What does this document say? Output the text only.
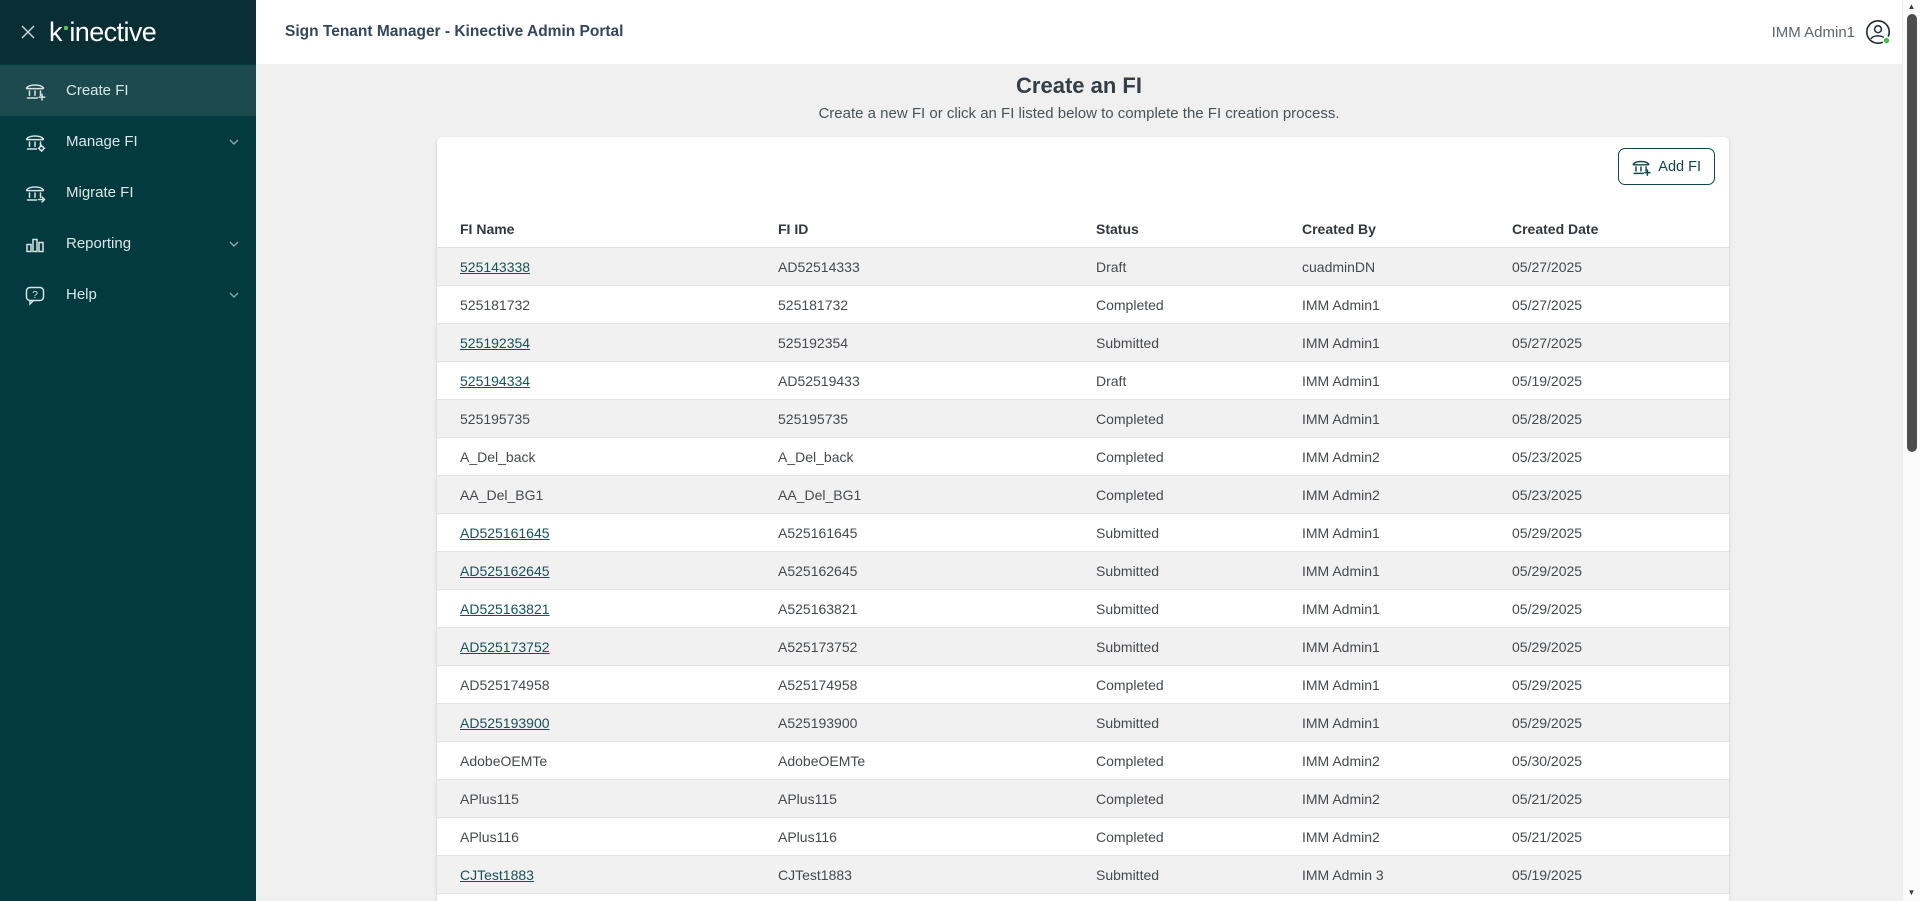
k inective
Create FI
Manage FI
Migrate FI
Reporting
? Help
Sign Tenant Manager - Kinective Admin Portal	IMM Admin1
Create an FI

Create a new FI or click an FI listed below to complete the FI creation process.

Add FI
FI Name	FI ID	Status	Created By	Created Date
525143338	AD52514333	Draft	cuadminDN	05/27/2025
525181732	525181732	Completed	IMM Admin1	05/27/2025
525192354	525192354	Submitted	IMM Admin1	05/27/2025
525194334	AD52519433	Draft	IMM Admin1	05/19/2025
525195735	525195735	Completed	IMM Admin1	05/28/2025
A_Del_back	A_Del_back	Completed	IMM Admin2	05/23/2025
AA_Del_BG1	AA_Del_BG1	Completed	IMM Admin2	05/23/2025
AD525161645	A525161645	Submitted	IMM Admin1	05/29/2025
AD525162645	A525162645	Submitted	IMM Admin1	05/29/2025
AD525163821	A525163821	Submitted	IMM Admin1	05/29/2025
AD525173752	A525173752	Submitted	IMM Admin1	05/29/2025
AD525174958	A525174958	Completed	IMM Admin1	05/29/2025
AD525193900	A525193900	Submitted	IMM Admin1	05/29/2025
AdobeOEMTe	AdobeOEMTe	Completed	IMM Admin2	05/30/2025
APlus115	APlus115	Completed	IMM Admin2	05/21/2025
APlus116	APlus116	Completed	IMM Admin2	05/21/2025
CJTest1883	CJTest1883	Submitted	IMM Admin 3	05/19/2025
▲
▼
